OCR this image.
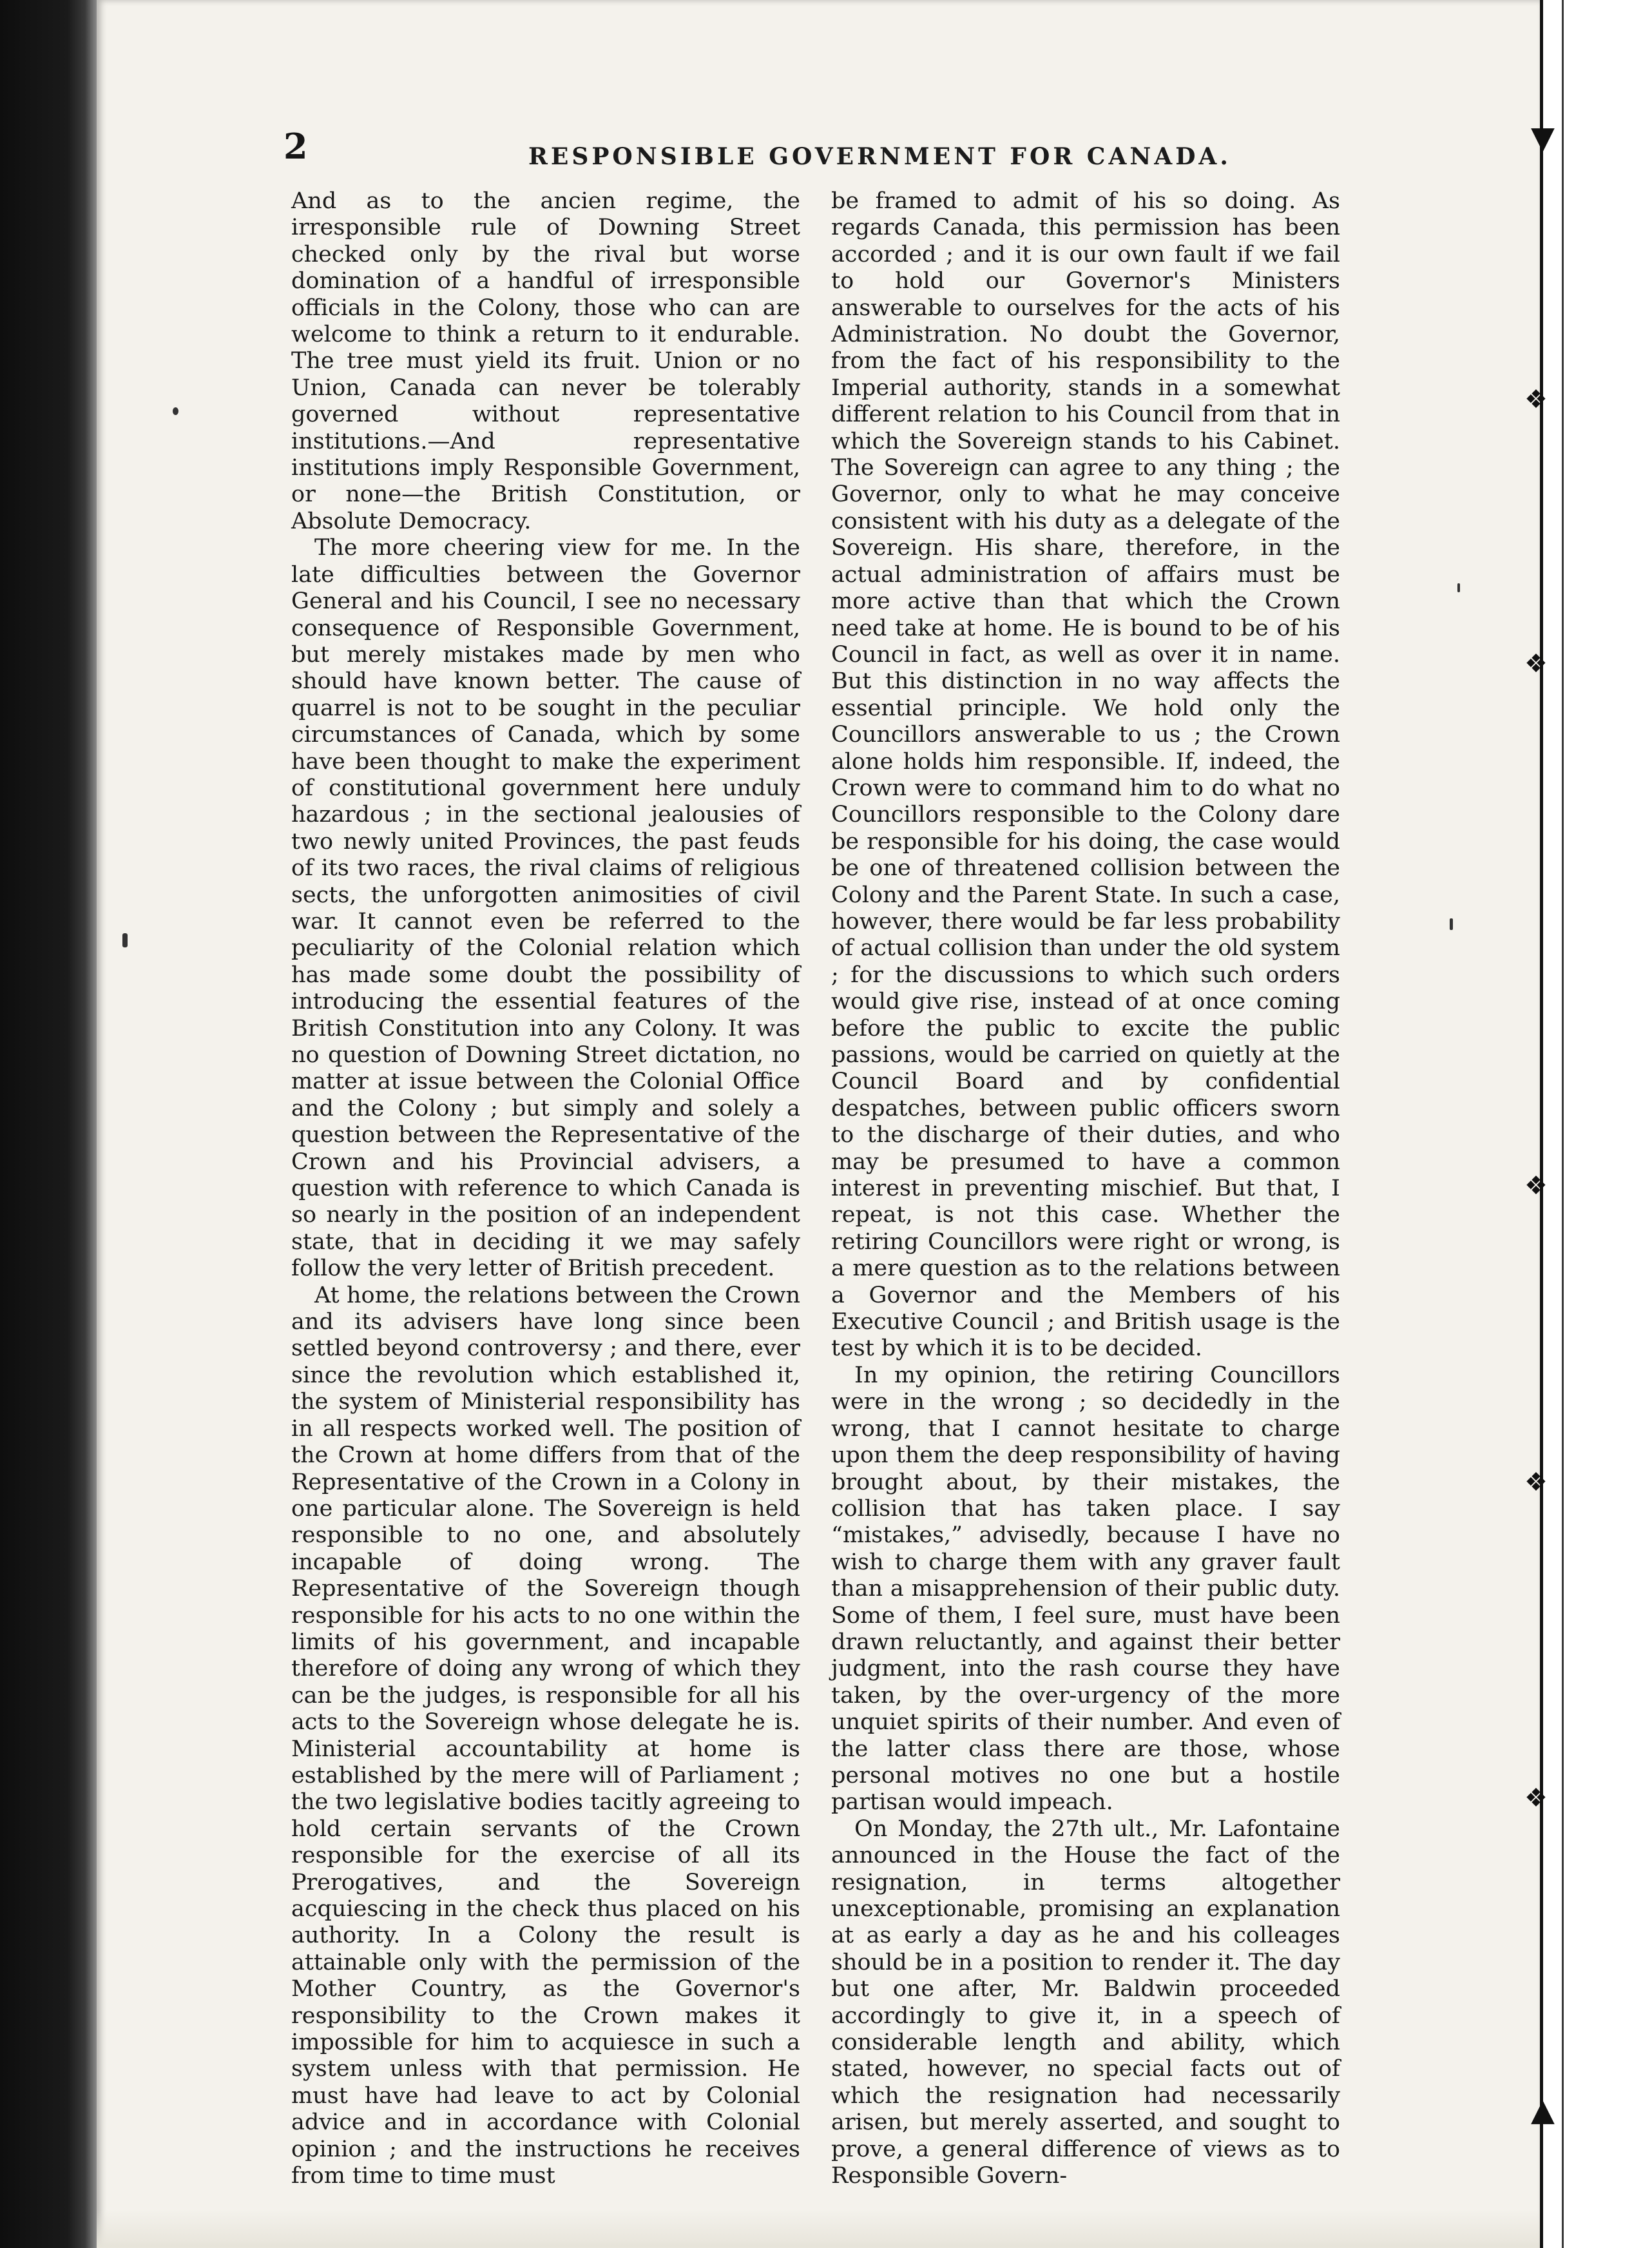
▼
❖
❖
❖
❖
❖
▲
2	RESPONSIBLE GOVERNMENT FOR CANADA.

And as to the ancien regime, the irresponsible rule of Downing Street checked only by the rival but worse domination of a handful of irresponsible officials in the Colony, those who can are welcome to think a return to it endurable. The tree must yield its fruit. Union or no Union, Canada can never be tolerably governed without representative institutions.—And representative institutions imply Responsible Government, or none—the British Constitution, or Absolute Democracy.

The more cheering view for me. In the late difficulties between the Governor General and his Council, I see no necessary consequence of Responsible Government, but merely mistakes made by men who should have known better. The cause of quarrel is not to be sought in the peculiar circumstances of Canada, which by some have been thought to make the experiment of constitutional government here unduly hazardous ; in the sectional jealousies of two newly united Provinces, the past feuds of its two races, the rival claims of religious sects, the unforgotten animosities of civil war. It cannot even be referred to the peculiarity of the Colonial relation which has made some doubt the possibility of introducing the essential features of the British Constitution into any Colony. It was no question of Downing Street dictation, no matter at issue between the Colonial Office and the Colony ; but simply and solely a question between the Representative of the Crown and his Provincial advisers, a question with reference to which Canada is so nearly in the position of an independent state, that in deciding it we may safely follow the very letter of British precedent.

At home, the relations between the Crown and its advisers have long since been settled beyond controversy ; and there, ever since the revolution which established it, the system of Ministerial responsibility has in all respects worked well. The position of the Crown at home differs from that of the Representative of the Crown in a Colony in one particular alone. The Sovereign is held responsible to no one, and absolutely incapable of doing wrong. The Representative of the Sovereign though responsible for his acts to no one within the limits of his government, and incapable therefore of doing any wrong of which they can be the judges, is responsible for all his acts to the Sovereign whose delegate he is. Ministerial accountability at home is established by the mere will of Parliament ; the two legislative bodies tacitly agreeing to hold certain servants of the Crown responsible for the exercise of all its Prerogatives, and the Sovereign acquiescing in the check thus placed on his authority. In a Colony the result is attainable only with the permission of the Mother Country, as the Governor's responsibility to the Crown makes it impossible for him to acquiesce in such a system unless with that permission. He must have had leave to act by Colonial advice and in accordance with Colonial opinion ; and the instructions he receives from time to time must

be framed to admit of his so doing. As regards Canada, this permission has been accorded ; and it is our own fault if we fail to hold our Governor's Ministers answerable to ourselves for the acts of his Administration. No doubt the Governor, from the fact of his responsibility to the Imperial authority, stands in a somewhat different relation to his Council from that in which the Sovereign stands to his Cabinet. The Sovereign can agree to any thing ; the Governor, only to what he may conceive consistent with his duty as a delegate of the Sovereign. His share, therefore, in the actual administration of affairs must be more active than that which the Crown need take at home. He is bound to be of his Council in fact, as well as over it in name. But this distinction in no way affects the essential principle. We hold only the Councillors answerable to us ; the Crown alone holds him responsible. If, indeed, the Crown were to command him to do what no Councillors responsible to the Colony dare be responsible for his doing, the case would be one of threatened collision between the Colony and the Parent State. In such a case, however, there would be far less probability of actual collision than under the old system ; for the discussions to which such orders would give rise, instead of at once coming before the public to excite the public passions, would be carried on quietly at the Council Board and by confidential despatches, between public officers sworn to the discharge of their duties, and who may be presumed to have a common interest in preventing mischief. But that, I repeat, is not this case. Whether the retiring Councillors were right or wrong, is a mere question as to the relations between a Governor and the Members of his Executive Council ; and British usage is the test by which it is to be decided.

In my opinion, the retiring Councillors were in the wrong ; so decidedly in the wrong, that I cannot hesitate to charge upon them the deep responsibility of having brought about, by their mistakes, the collision that has taken place. I say “mistakes,” advisedly, because I have no wish to charge them with any graver fault than a misapprehension of their public duty. Some of them, I feel sure, must have been drawn reluctantly, and against their better judgment, into the rash course they have taken, by the over-urgency of the more unquiet spirits of their number. And even of the latter class there are those, whose personal motives no one but a hostile partisan would impeach.

On Monday, the 27th ult., Mr. Lafontaine announced in the House the fact of the resignation, in terms altogether unexceptionable, promising an explanation at as early a day as he and his colleages should be in a position to render it. The day but one after, Mr. Baldwin proceeded accordingly to give it, in a speech of considerable length and ability, which stated, however, no special facts out of which the resignation had necessarily arisen, but merely asserted, and sought to prove, a general difference of views as to Responsible Govern-
